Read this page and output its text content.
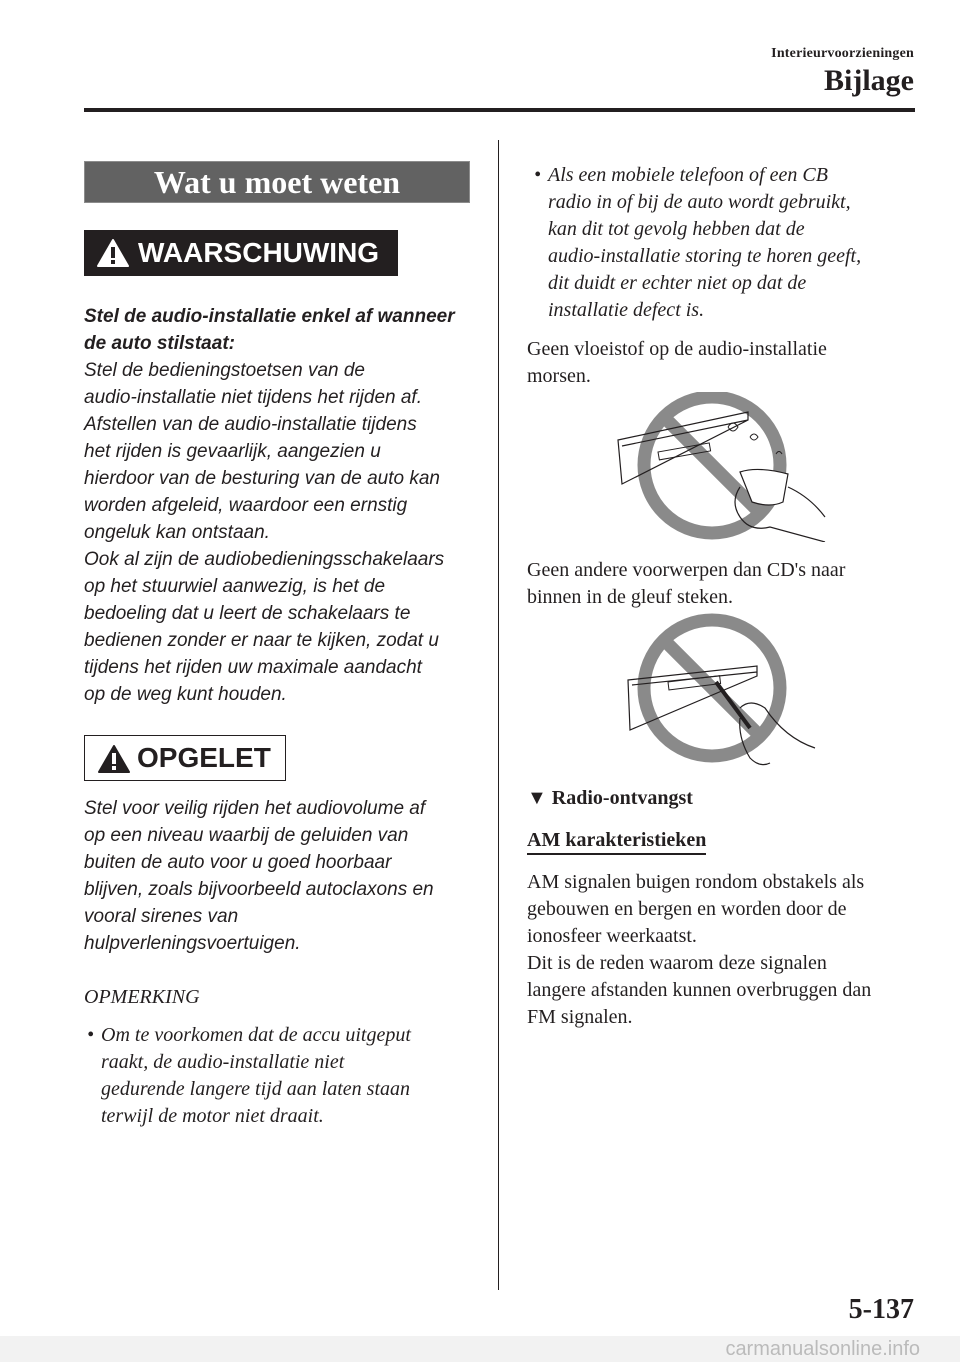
Interieurvoorzieningen
Bijlage
Wat u moet weten
WAARSCHUWING
Stel de audio-installatie enkel af wanneer
de auto stilstaat:
Stel de bedieningstoetsen van de
audio-installatie niet tijdens het rijden af.
Afstellen van de audio-installatie tijdens
het rijden is gevaarlijk, aangezien u
hierdoor van de besturing van de auto kan
worden afgeleid, waardoor een ernstig
ongeluk kan ontstaan.
Ook al zijn de audiobedieningsschakelaars
op het stuurwiel aanwezig, is het de
bedoeling dat u leert de schakelaars te
bedienen zonder er naar te kijken, zodat u
tijdens het rijden uw maximale aandacht
op de weg kunt houden.
OPGELET
Stel voor veilig rijden het audiovolume af
op een niveau waarbij de geluiden van
buiten de auto voor u goed hoorbaar
blijven, zoals bijvoorbeeld autoclaxons en
vooral sirenes van
hulpverleningsvoertuigen.
OPMERKING
• Om te voorkomen dat de accu uitgeput
raakt, de audio-installatie niet
gedurende langere tijd aan laten staan
terwijl de motor niet draait.
• Als een mobiele telefoon of een CB
radio in of bij de auto wordt gebruikt,
kan dit tot gevolg hebben dat de
audio-installatie storing te horen geeft,
dit duidt er echter niet op dat de
installatie defect is.
Geen vloeistof op de audio-installatie
morsen.
Geen andere voorwerpen dan CD's naar
binnen in de gleuf steken.
▼ Radio-ontvangst
AM karakteristieken
AM signalen buigen rondom obstakels als
gebouwen en bergen en worden door de
ionosfeer weerkaatst.
Dit is de reden waarom deze signalen
langere afstanden kunnen overbruggen dan
FM signalen.
5-137
carmanualsonline.info
